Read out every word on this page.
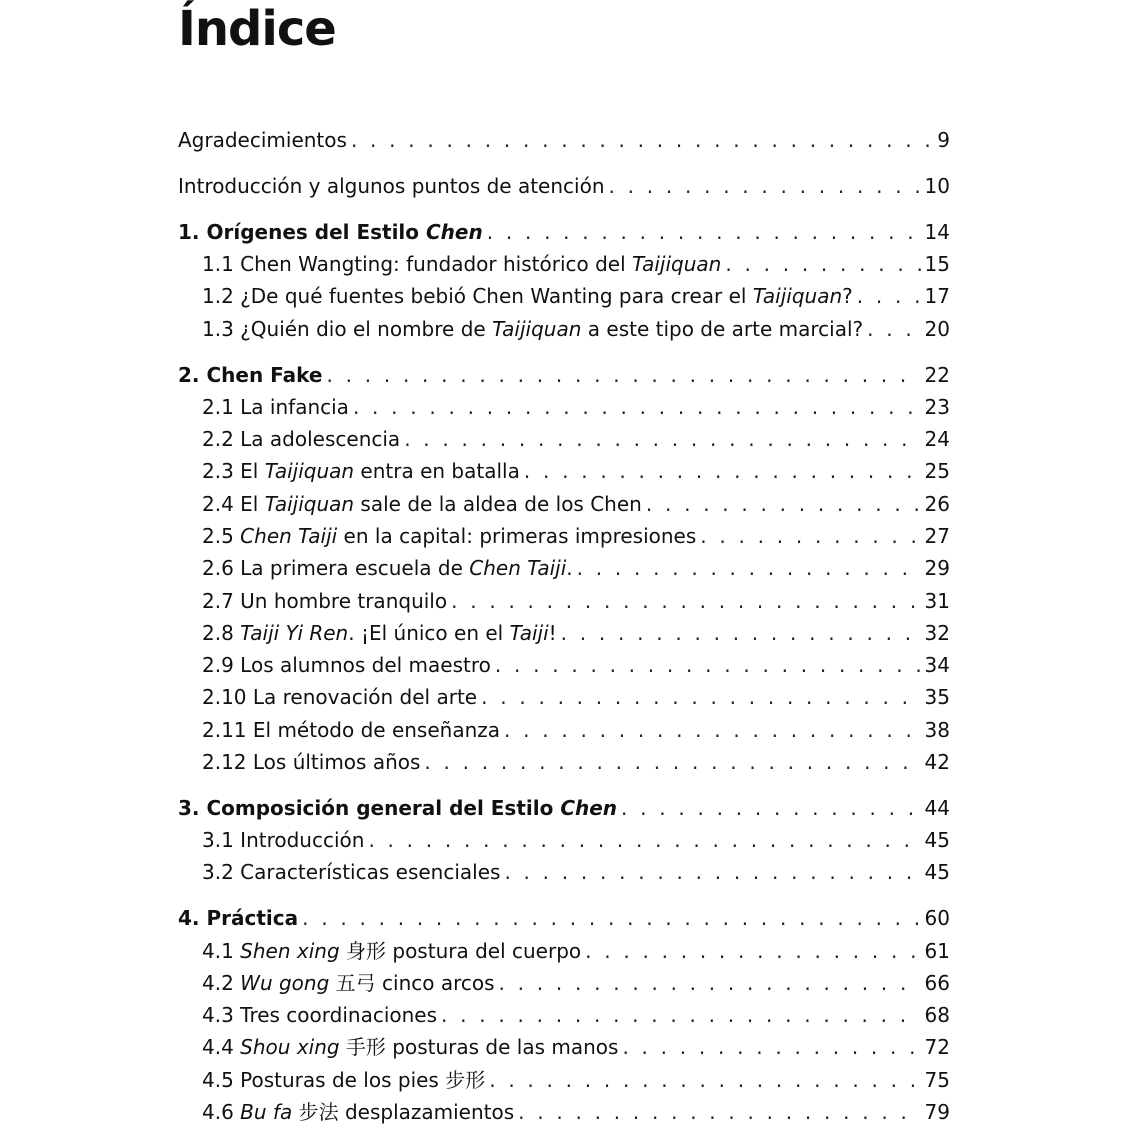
Índice
Agradecimientos . . .	9
Introducción y algunos puntos de atención . . .	10
1. Orígenes del Estilo Chen . . .	14
1.1 Chen Wangting: fundador histórico del Taijiquan . . .	15
1.2 ¿De qué fuentes bebió Chen Wanting para crear el Taijiquan? . . .	17
1.3 ¿Quién dio el nombre de Taijiquan a este tipo de arte marcial? . . .	20
2. Chen Fake . . .	22
2.1 La infancia . . .	23
2.2 La adolescencia . . .	24
2.3 El Taijiquan entra en batalla . . .	25
2.4 El Taijiquan sale de la aldea de los Chen . . .	26
2.5 Chen Taiji en la capital: primeras impresiones . . .	27
2.6 La primera escuela de Chen Taiji. . . .	29
2.7 Un hombre tranquilo . . .	31
2.8 Taiji Yi Ren. ¡El único en el Taiji! . . .	32
2.9 Los alumnos del maestro . . .	34
2.10 La renovación del arte . . .	35
2.11 El método de enseñanza . . .	38
2.12 Los últimos años . . .	42
3. Composición general del Estilo Chen . . .	44
3.1 Introducción . . .	45
3.2 Características esenciales . . .	45
4. Práctica . . .	60
4.1 Shen xing 身形 postura del cuerpo . . .	61
4.2 Wu gong 五弓 cinco arcos . . .	66
4.3 Tres coordinaciones . . .	68
4.4 Shou xing 手形 posturas de las manos . . .	72
4.5 Posturas de los pies 步形 . . .	75
4.6 Bu fa 步法 desplazamientos . . .	79
